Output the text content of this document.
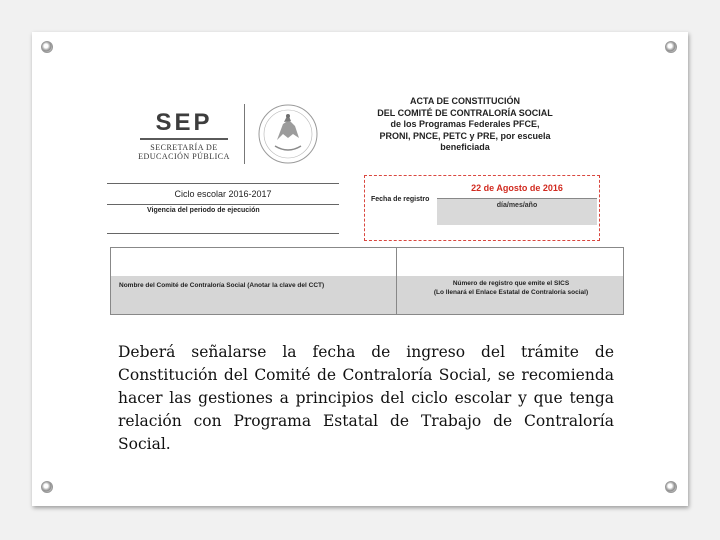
SEP
SECRETARÍA DE
EDUCACIÓN PÚBLICA
ACTA DE CONSTITUCIÓN
DEL COMITÉ DE CONTRALORÍA SOCIAL
de los Programas Federales PFCE,
PRONI, PNCE, PETC y PRE, por escuela
beneficiada
Ciclo escolar 2016-2017
Vigencia del periodo de ejecución
Fecha de registro
22 de Agosto de 2016
día/mes/año
Nombre del Comité de Contraloría Social (Anotar la clave del CCT)	Número de registro que emite el SICS
(Lo llenará el Enlace Estatal de Contraloría social)
Deberá señalarse la fecha de ingreso del trámite de Constitución del Comité de Contraloría Social, se recomienda hacer las gestiones a principios del ciclo escolar y que tenga relación con Programa Estatal de Trabajo de Contraloría Social.
